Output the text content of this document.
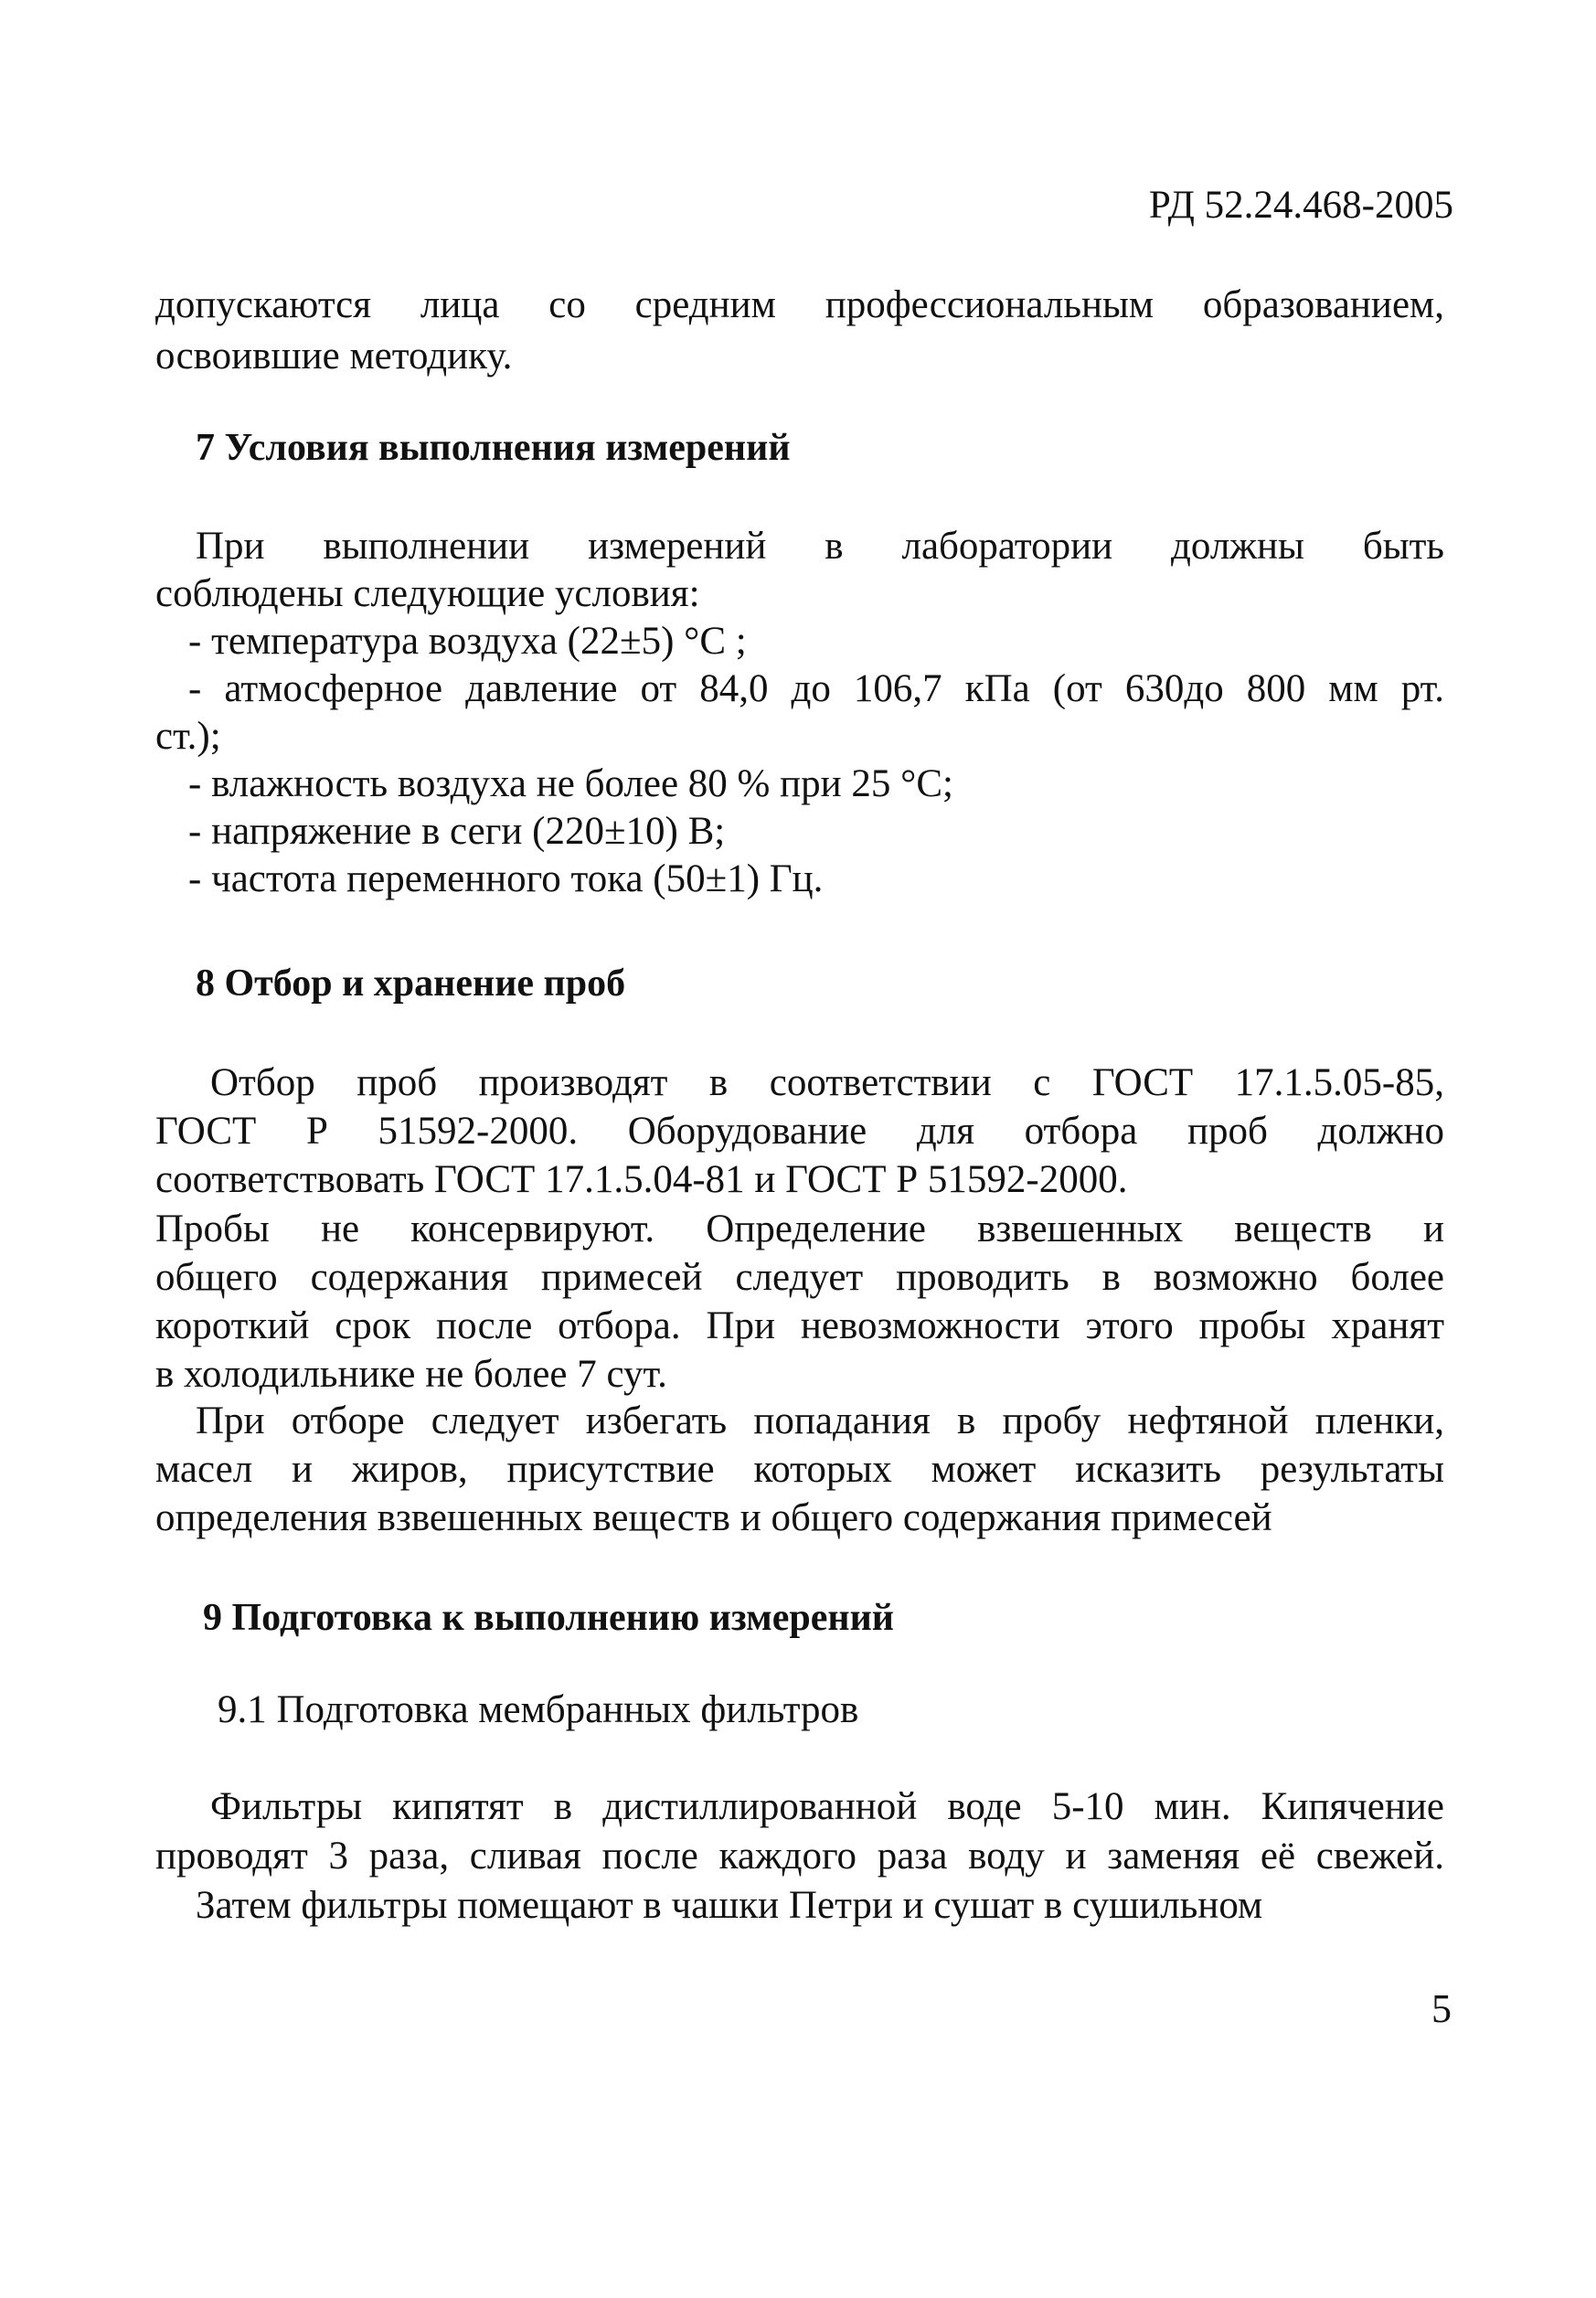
РД 52.24.468-2005
допускаются лица со средним профессиональным образованием,
освоившие методику.
7 Условия выполнения измерений
При выполнении измерений в лаборатории должны быть
соблюдены следующие условия:
- температура воздуха (22±5) °С ;
- атмосферное давление от 84,0 до 106,7 кПа (от 630до 800 мм рт.
ст.);
- влажность воздуха не более 80 % при 25 °С;
- напряжение в сеги (220±10) В;
- частота переменного тока (50±1) Гц.
8 Отбор и хранение проб
Отбор проб производят в соответствии с ГОСТ 17.1.5.05-85,
ГОСТ Р 51592-2000. Оборудование для отбора проб должно
соответствовать ГОСТ 17.1.5.04-81 и ГОСТ Р 51592-2000.
Пробы не консервируют. Определение взвешенных веществ и
общего содержания примесей следует проводить в возможно более
короткий срок после отбора. При невозможности этого пробы хранят
в холодильнике не более 7 сут.
При отборе следует избегать попадания в пробу нефтяной пленки,
масел и жиров, присутствие которых может исказить результаты
определения взвешенных веществ и общего содержания примесей
9 Подготовка к выполнению измерений
9.1 Подготовка мембранных фильтров
Фильтры кипятят в дистиллированной воде 5-10 мин. Кипячение
проводят 3 раза, сливая после каждого раза воду и заменяя её свежей.
Затем фильтры помещают в чашки Петри и сушат в сушильном
5
